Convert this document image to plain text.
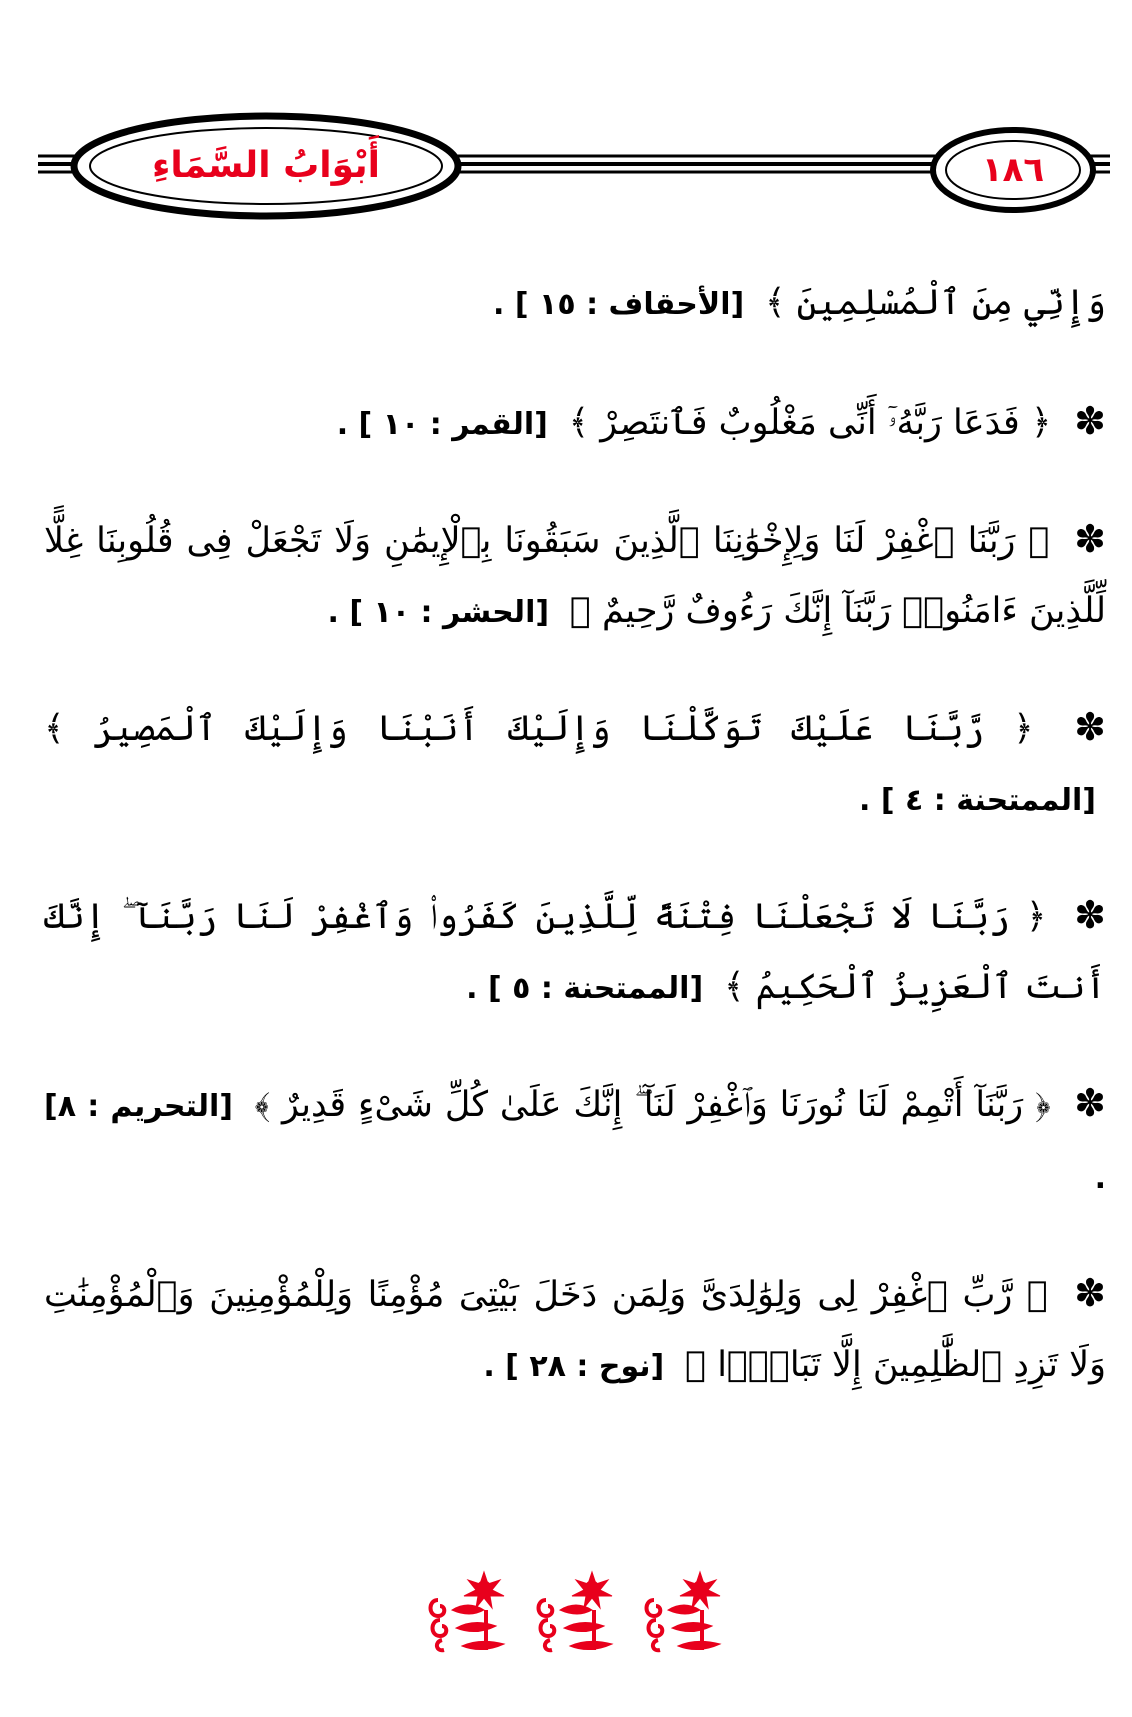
أَبْوَابُ السَّمَاءِ	١٨٦

وَإِنِّي مِنَ ٱلْمُسْلِمِينَ ﴾ [الأحقاف : ١٥ ] .

✽ ﴿ فَدَعَا رَبَّهُۥٓ أَنِّى مَغْلُوبٌ فَٱنتَصِرْ ﴾ [القمر : ١٠ ] .

✽ ﴿ رَبَّنَا ٱغْفِرْ لَنَا وَلِإِخْوَٰنِنَا ٱلَّذِينَ سَبَقُونَا بِٱلْإِيمَٰنِ وَلَا تَجْعَلْ فِى قُلُوبِنَا غِلًّا لِّلَّذِينَ ءَامَنُوا۟ رَبَّنَآ إِنَّكَ رَءُوفٌ رَّحِيمٌ ﴾ [الحشر : ١٠ ] .

✽ ﴿ رَّبَّنَا عَلَيْكَ تَوَكَّلْنَا وَإِلَيْكَ أَنَبْنَا وَإِلَيْكَ ٱلْمَصِيرُ ﴾ [الممتحنة : ٤ ] .

✽ ﴿ رَبَّنَا لَا تَجْعَلْنَا فِتْنَةً لِّلَّذِينَ كَفَرُوا۟ وَٱغْفِرْ لَنَا رَبَّنَآ ۖ إِنَّكَ أَنتَ ٱلْعَزِيزُ ٱلْحَكِيمُ ﴾ [الممتحنة : ٥ ] .

✽ ﴿ رَبَّنَآ أَتْمِمْ لَنَا نُورَنَا وَٱغْفِرْ لَنَآ ۖ إِنَّكَ عَلَىٰ كُلِّ شَىْءٍ قَدِيرٌ ﴾ [التحريم : ٨] .

✽ ﴿ رَّبِّ ٱغْفِرْ لِى وَلِوَٰلِدَىَّ وَلِمَن دَخَلَ بَيْتِىَ مُؤْمِنًا وَلِلْمُؤْمِنِينَ وَٱلْمُؤْمِنَٰتِ وَلَا تَزِدِ ٱلظَّٰلِمِينَ إِلَّا تَبَارًۢا ﴾ [نوح : ٢٨ ] .
